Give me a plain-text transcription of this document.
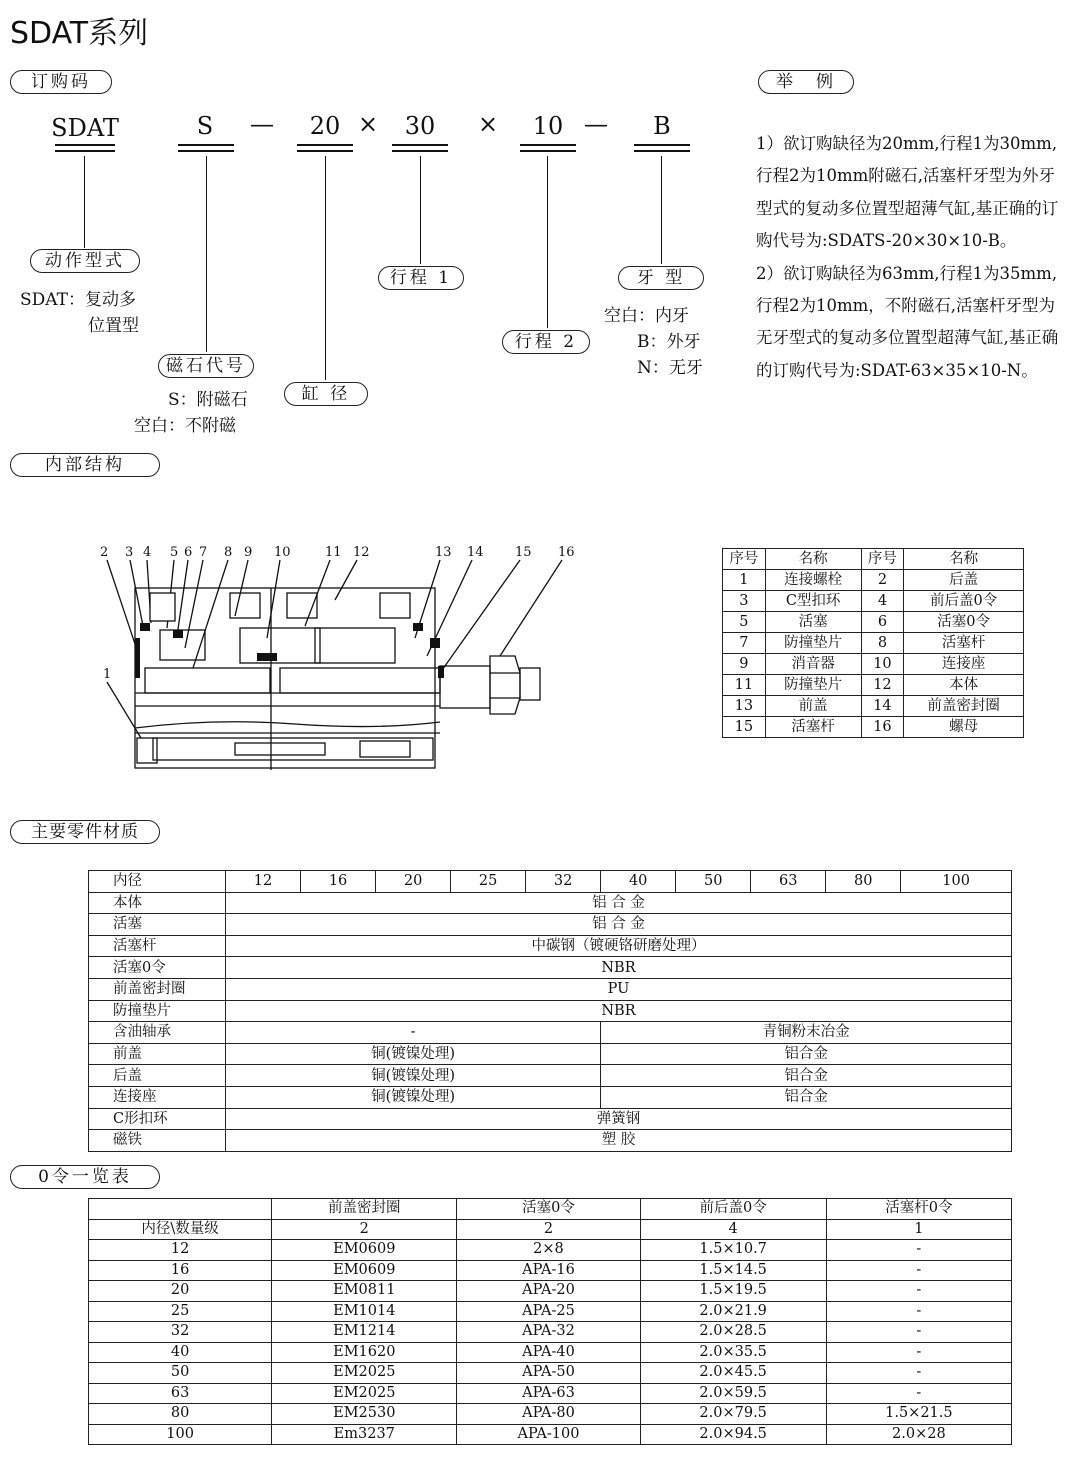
SDAT系列
订购码	举　例
SDAT	S	—	20 ×	30	×	10 —	B
动作型式
SDAT：复动多
位置型
磁石代号
S：附磁石
空白：不附磁
缸 径
行程 1
行程 2
牙 型
空白：内牙
B：外牙
N：无牙
1）欲订购缺径为20mm,行程1为30mm,行程2为10mm附磁石,活塞杆牙型为外牙型式的复动多位置型超薄气缸,基正确的订购代号为:SDATS-20×30×10-B。
2）欲订购缺径为63mm,行程1为35mm,行程2为10mm，不附磁石,活塞杆牙型为无牙型式的复动多位置型超薄气缸,基正确的订购代号为:SDAT-63×35×10-N。
内部结构
2 3 4 5 6 7 8 9 10	11 12	13 14 15 16
1
序号	名称	序号	名称
1	连接螺栓	2	后盖
3	C型扣环	4	前后盖0令
5	活塞	6	活塞0令
7	防撞垫片	8	活塞杆
9	消音器	10	连接座
11	防撞垫片	12	本体
13	前盖	14	前盖密封圈
15	活塞杆	16	螺母
主要零件材质
内径	12	16	20	25	32	40	50	63	80	100
本体	铝 合 金									
活塞	铝 合 金									
活塞杆	中碳钢（镀硬铬研磨处理）									
活塞0令	NBR									
前盖密封圈	PU									
防撞垫片	NBR									
含油轴承	-					青铜粉末冶金				
前盖	铜(镀镍处理)					铝合金				
后盖	铜(镀镍处理)					铝合金				
连接座	铜(镀镍处理)					铝合金				
C形扣环	弹簧钢									
磁铁	塑 胶									
0令一览表
	前盖密封圈	活塞0令	前后盖0令	活塞杆0令
内径\数量级	2	2	4	1
12	EM0609	2×8	1.5×10.7	-
16	EM0609	APA-16	1.5×14.5	-
20	EM0811	APA-20	1.5×19.5	-
25	EM1014	APA-25	2.0×21.9	-
32	EM1214	APA-32	2.0×28.5	-
40	EM1620	APA-40	2.0×35.5	-
50	EM2025	APA-50	2.0×45.5	-
63	EM2025	APA-63	2.0×59.5	-
80	EM2530	APA-80	2.0×79.5	1.5×21.5
100	Em3237	APA-100	2.0×94.5	2.0×28
